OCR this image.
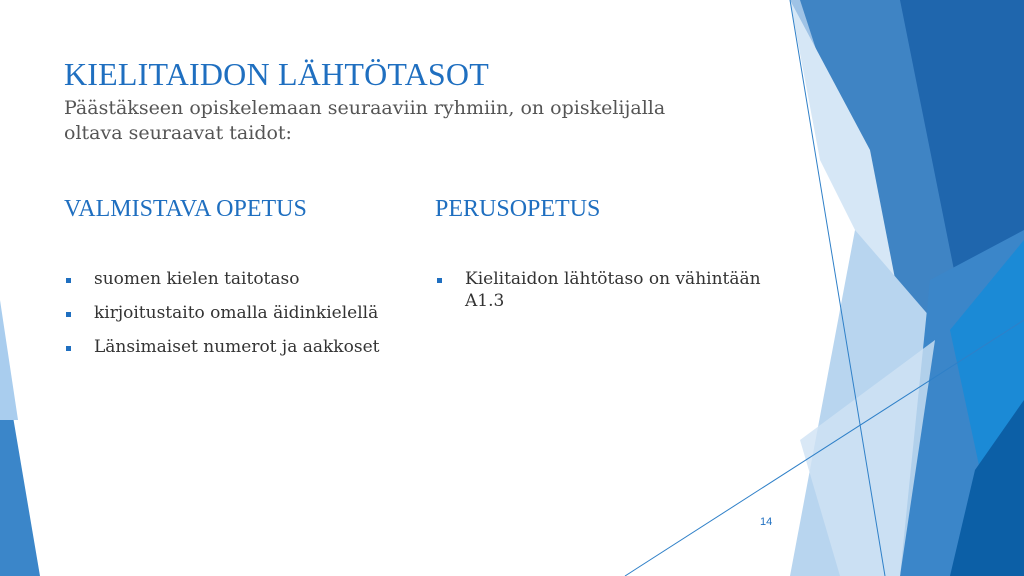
KIELITAIDON LÄHTÖTASOT

Päästäkseen opiskelemaan seuraaviin ryhmiin, on opiskelijalla oltava seuraavat taidot:

VALMISTAVA OPETUS	PERUSOPETUS
suomen kielen taitotaso
kirjoitustaito omalla äidinkielellä
Länsimaiset numerot ja aakkoset
Kielitaidon lähtötaso on vähintään A1.3
14
